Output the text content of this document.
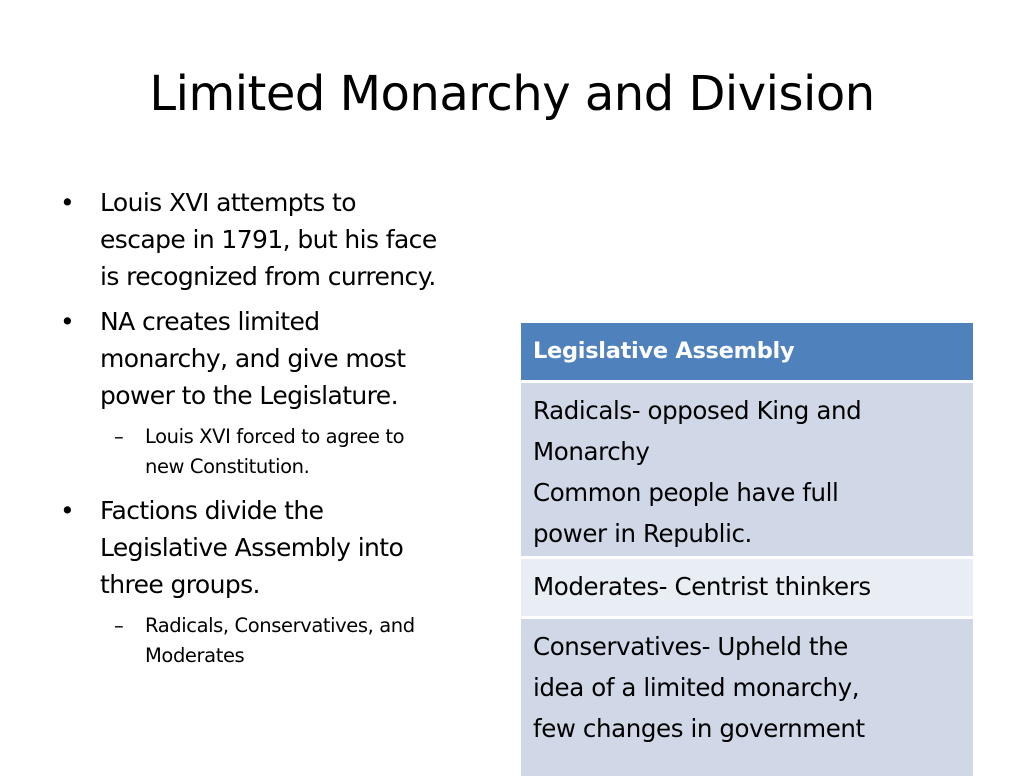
Limited Monarchy and Division
• Louis XVI attempts to
escape in 1791, but his face
is recognized from currency.
• NA creates limited
monarchy, and give most
power to the Legislature.
– Louis XVI forced to agree to
new Constitution.
• Factions divide the
Legislative Assembly into
three groups.
– Radicals, Conservatives, and
Moderates
Legislative Assembly
Radicals- opposed King and
Monarchy
Common people have full
power in Republic.
Moderates- Centrist thinkers
Conservatives- Upheld the
idea of a limited monarchy,
few changes in government
